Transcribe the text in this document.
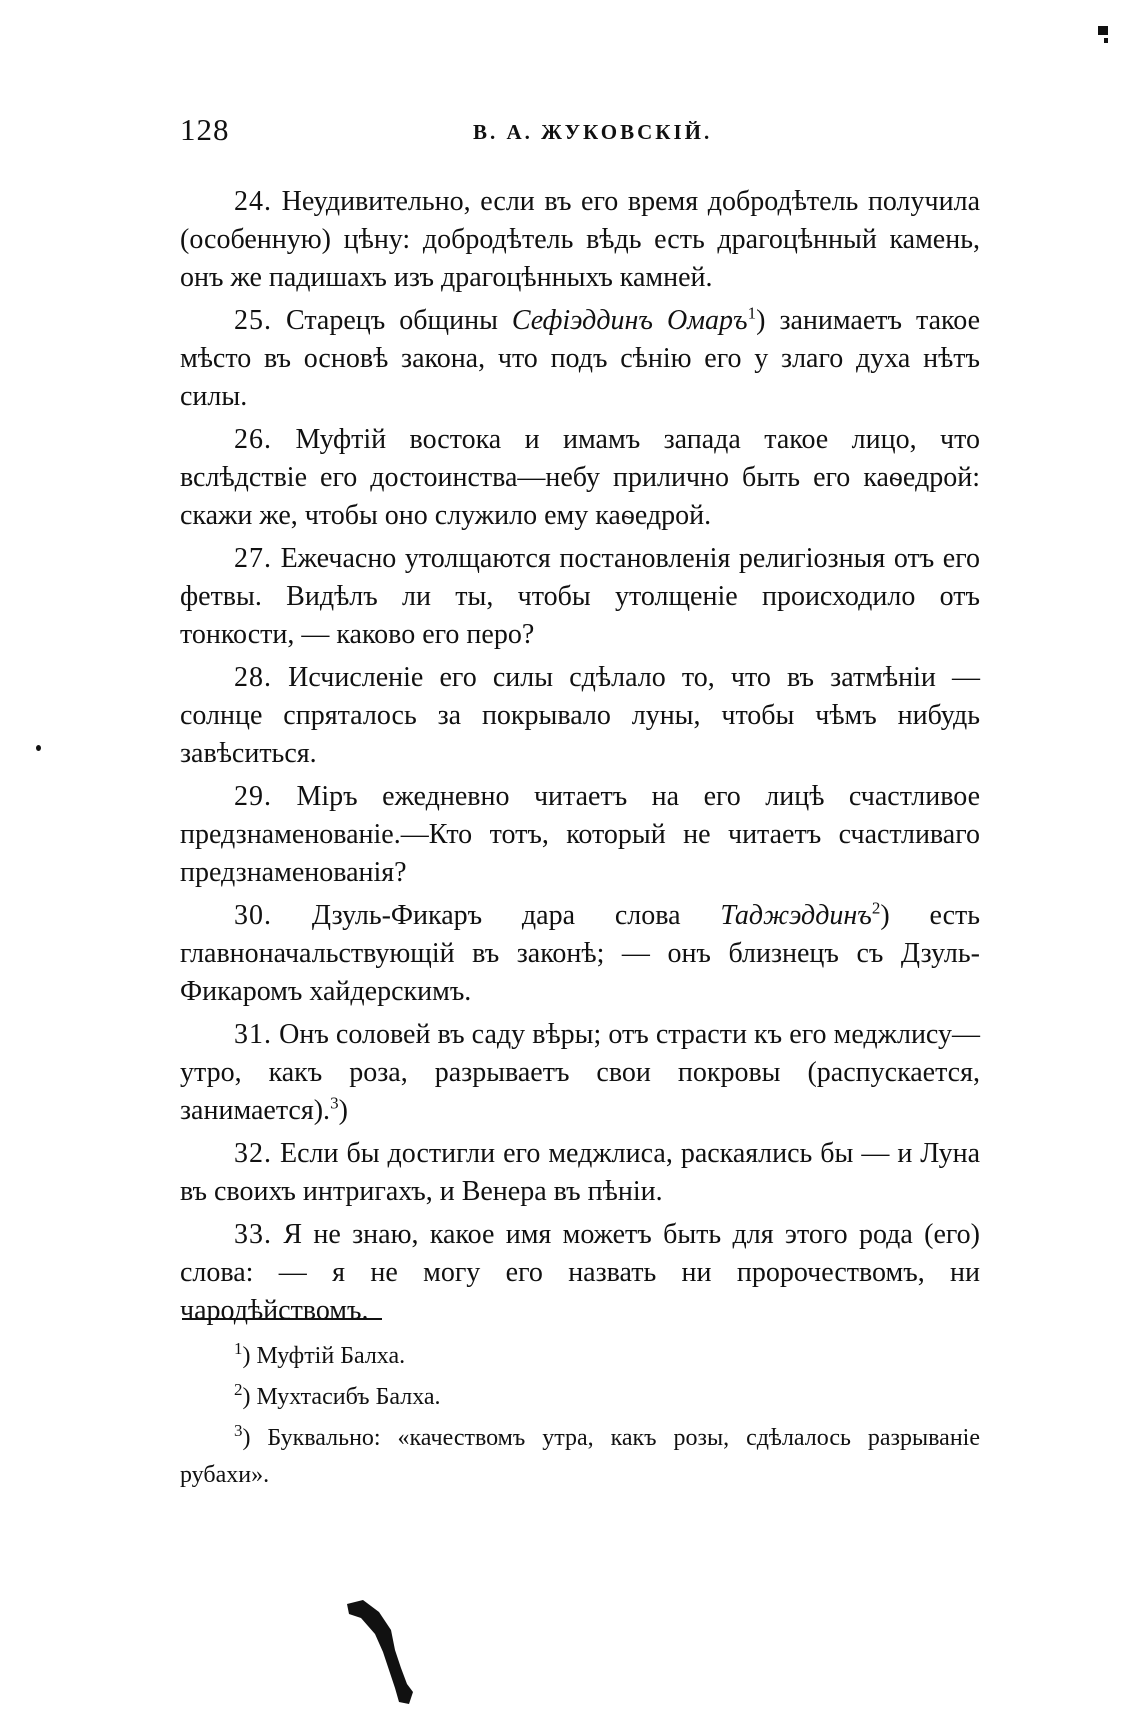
128	В. А. ЖУКОВСКІЙ.

24. Неудивительно, если въ его время добродѣтель получила (особенную) цѣну: добродѣтель вѣдь есть драгоцѣнный камень, онъ же падишахъ изъ драгоцѣнныхъ камней.

25. Старецъ общины Сефіэддинъ Омаръ$^1$) занимаетъ такое мѣсто въ основѣ закона, что подъ сѣнію его у злаго духа нѣтъ силы.

26. Муфтій востока и имамъ запада такое лицо, что вслѣдствіе его достоинства—небу прилично быть его каѳедрой: скажи же, чтобы оно служило ему каѳедрой.

27. Ежечасно утолщаются постановленія религіозныя отъ его фетвы. Видѣлъ ли ты, чтобы утолщеніе происходило отъ тонкости, — каково его перо?

28. Исчисленіе его силы сдѣлало то, что въ затмѣніи — солнце спряталось за покрывало луны, чтобы чѣмъ нибудь завѣситься.

29. Міръ ежедневно читаетъ на его лицѣ счастливое предзнаменованіе.—Кто тотъ, который не читаетъ счастливаго предзнаменованія?

30. Дзуль-Фикаръ дара слова Таджэддинъ$^2$) есть главноначальствующій въ законѣ; — онъ близнецъ съ Дзуль-Фикаромъ хайдерскимъ.

31. Онъ соловей въ саду вѣры; отъ страсти къ его меджлису—утро, какъ роза, разрываетъ свои покровы (распускается, занимается).$^3$)

32. Если бы достигли его меджлиса, раскаялись бы — и Луна въ своихъ интригахъ, и Венера въ пѣніи.

33. Я не знаю, какое имя можетъ быть для этого рода (его) слова: — я не могу его назвать ни пророчествомъ, ни чародѣйствомъ.

$^1$) Муфтій Балха.

$^2$) Мухтасибъ Балха.

$^3$) Буквально: «качествомъ утра, какъ розы, сдѣлалось разрываніе рубахи».
